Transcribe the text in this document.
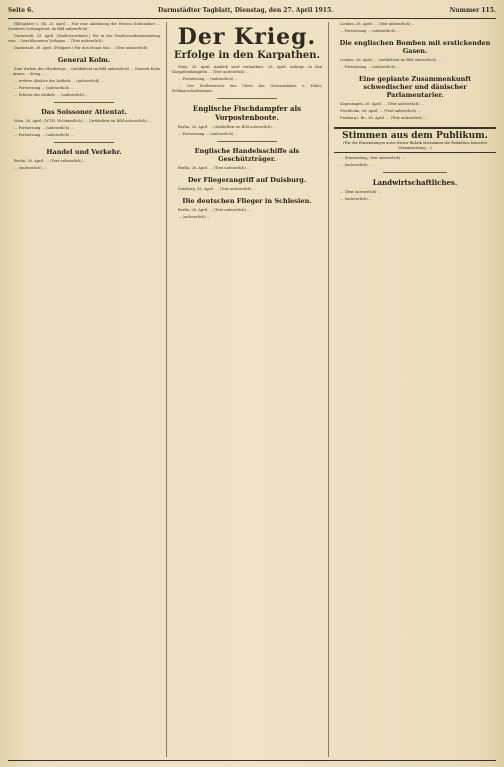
Seite 6.	Darmstädter Tagblatt, Dienstag, den 27. April 1915.	Nummer 115.

Hilfsgelder 1. Ok. 25. April ... Nur eine Anlehnung der Hessen Nationalnot ... (weiteres Zeitungstext, im Bild unleserlich)

Darmstadt, 23. April. (Stadtverordnete.) Die in der Stadtverordnetensitzung vom ... beschlossenen Vorlagen ... (Text unleserlich)

Darmstadt, 26. April. (Feldpost.) Für den Monat Mai ... (Text unleserlich)

General Kolm.

Zum Wirken des Oberkriegs ... (Artikeltext im Bild unleserlich) ... General Kolm ... Armee ... Krieg ...

... weitere Absätze des Artikels ... (unleserlich) ...

... Fortsetzung ... (unleserlich) ...

... Schluss des Artikels ... (unleserlich) ...

Das Soissoner Attentat.

Wien, 26. April. (W.T.B. Nichtamtlich.) ... (Artikeltext im Bild unleserlich) ...

... Fortsetzung ... (unleserlich) ...

... Fortsetzung ... (unleserlich) ...

Handel und Verkehr.

Berlin, 26. April. ... (Text unleserlich) ...

... (unleserlich) ...

Der Krieg.
Erfolge in den Karpathen.

Wien, 26. April. Amtlich wird verlautbart: 26. April, mittags. In den Karpathenkämpfen ... (Text unleserlich) ...

... Fortsetzung ... (unleserlich) ...

... Der Stellvertreter des Chefs des Generalstabes v. Höfer, Feldmarschalleutnant.

Englische Fischdampfer als Vorpostenboote.

Berlin, 26. April. ... (Artikeltext im Bild unleserlich) ...

... Fortsetzung ... (unleserlich) ...

Englische Handelsschiffe als Geschützträger.

Berlin, 26. April. ... (Text unleserlich) ...

Der Fliegerangriff auf Duisburg.

Duisburg, 26. April. ... (Text unleserlich) ...

Die deutschen Flieger in Schlesien.

Berlin, 26. April. ... (Text unleserlich) ...

... (unleserlich) ...

London, 26. April. ... (Text unleserlich) ...

... Fortsetzung ... (unleserlich) ...

Die englischen Bomben mit erstickenden Gasen.

London, 26. April. ... (Artikeltext im Bild unleserlich) ...

... Fortsetzung ... (unleserlich) ...

Eine geplante Zusammenkunft schwedischer und dänischer Parlamentarier.

Kopenhagen, 26. April. ... (Text unleserlich) ...

Stockholm, 26. April. ... (Text unleserlich) ...

Freiburg i. Br., 26. April. ... (Text unleserlich) ...

Stimmen aus dem Publikum.
(Für die Einsendungen unter dieser Rubrik übernimmt die Redaktion keinerlei Verantwortung ...)

... (Einsendung, Text unleserlich) ...

... (unleserlich) ...

Landwirtschaftliches.

... (Text unleserlich) ...

... (unleserlich) ...
